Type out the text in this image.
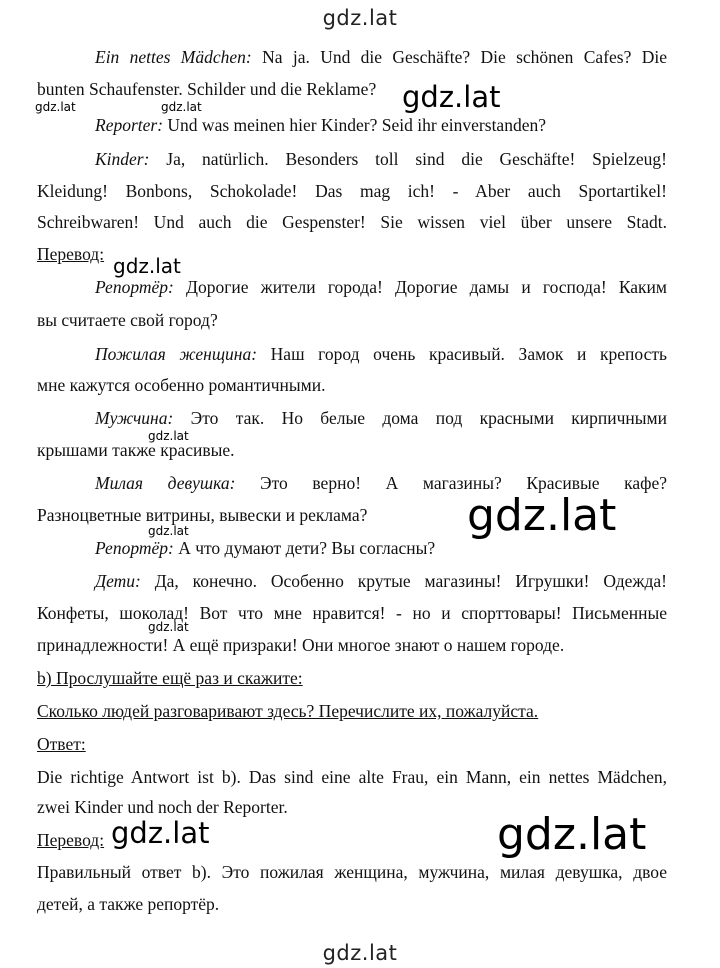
gdz.lat
gdz.lat
Ein nettes Mädchen: Na ja. Und die Geschäfte? Die schönen Cafes? Die
bunten Schaufenster. Schilder und die Reklame?
Reporter: Und was meinen hier Kinder? Seid ihr einverstanden?
Kinder: Ja, natürlich. Besonders toll sind die Geschäfte! Spielzeug!
Kleidung! Bonbons, Schokolade! Das mag ich! - Aber auch Sportartikel!
Schreibwaren! Und auch die Gespenster! Sie wissen viel über unsere Stadt.
Перевод:
Репортёр: Дорогие жители города! Дорогие дамы и господа! Каким
вы считаете свой город?
Пожилая женщина: Наш город очень красивый. Замок и крепость
мне кажутся особенно романтичными.
Мужчина: Это так. Но белые дома под красными кирпичными
крышами также красивые.
Милая девушка: Это верно! А магазины? Красивые кафе?
Разноцветные витрины, вывески и реклама?
Репортёр: А что думают дети? Вы согласны?
Дети: Да, конечно. Особенно крутые магазины! Игрушки! Одежда!
Конфеты, шоколад! Вот что мне нравится! - но и спорттовары! Письменные
принадлежности! А ещё призраки! Они многое знают о нашем городе.
b) Прослушайте ещё раз и скажите:
Сколько людей разговаривают здесь? Перечислите их, пожалуйста.
Ответ:
Die richtige Antwort ist b). Das sind eine alte Frau, ein Mann, ein nettes Mädchen,
zwei Kinder und noch der Reporter.
Перевод:
Правильный ответ b). Это пожилая женщина, мужчина, милая девушка, двое
детей, а также репортёр.
gdz.lat	gdz.lat	gdz.lat
gdz.lat
gdz.lat
gdz.lat
gdz.lat
gdz.lat
gdz.lat	gdz.lat
